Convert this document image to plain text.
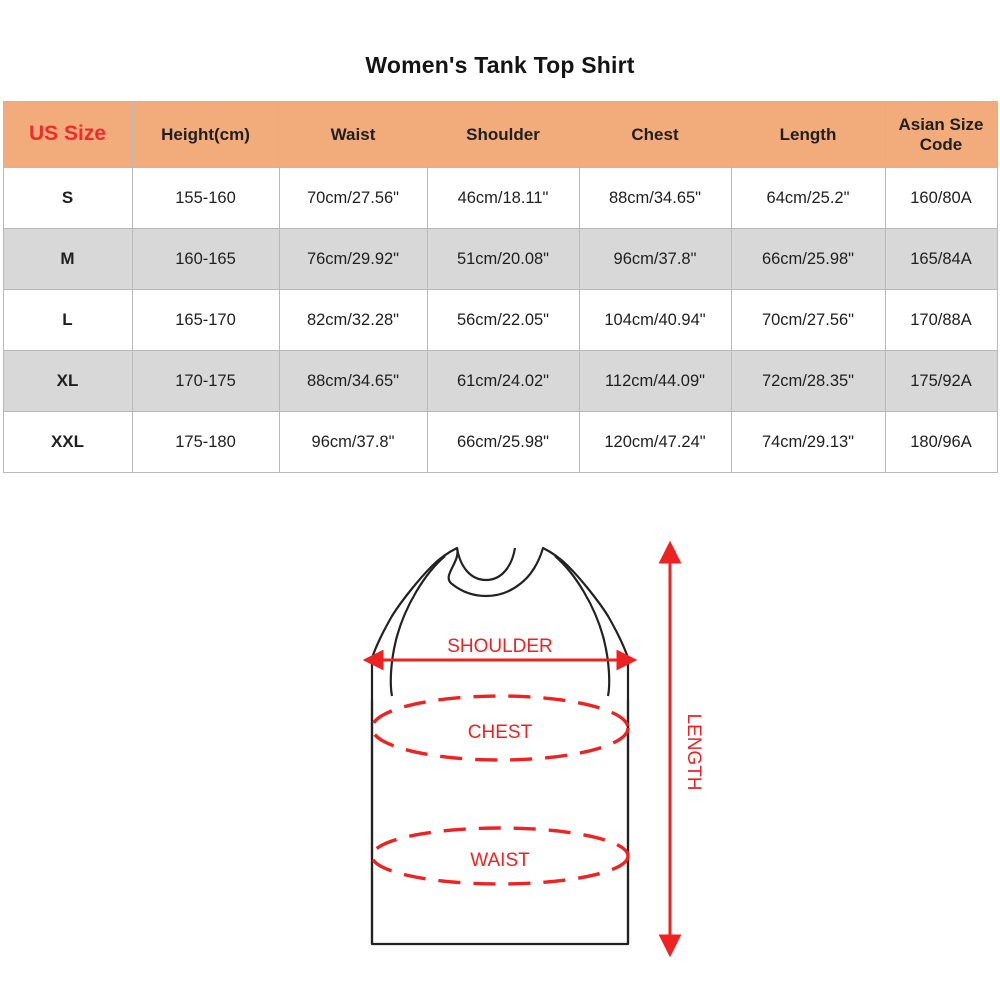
Women's Tank Top Shirt
US Size	Height(cm)	Waist	Shoulder	Chest	Length	Asian Size Code
S	155-160	70cm/27.56"	46cm/18.11"	88cm/34.65"	64cm/25.2"	160/80A
M	160-165	76cm/29.92"	51cm/20.08"	96cm/37.8"	66cm/25.98"	165/84A
L	165-170	82cm/32.28"	56cm/22.05"	104cm/40.94"	70cm/27.56"	170/88A
XL	170-175	88cm/34.65"	61cm/24.02"	112cm/44.09"	72cm/28.35"	175/92A
XXL	175-180	96cm/37.8"	66cm/25.98"	120cm/47.24"	74cm/29.13"	180/96A
SHOULDER
CHEST
WAIST
LENGTH
